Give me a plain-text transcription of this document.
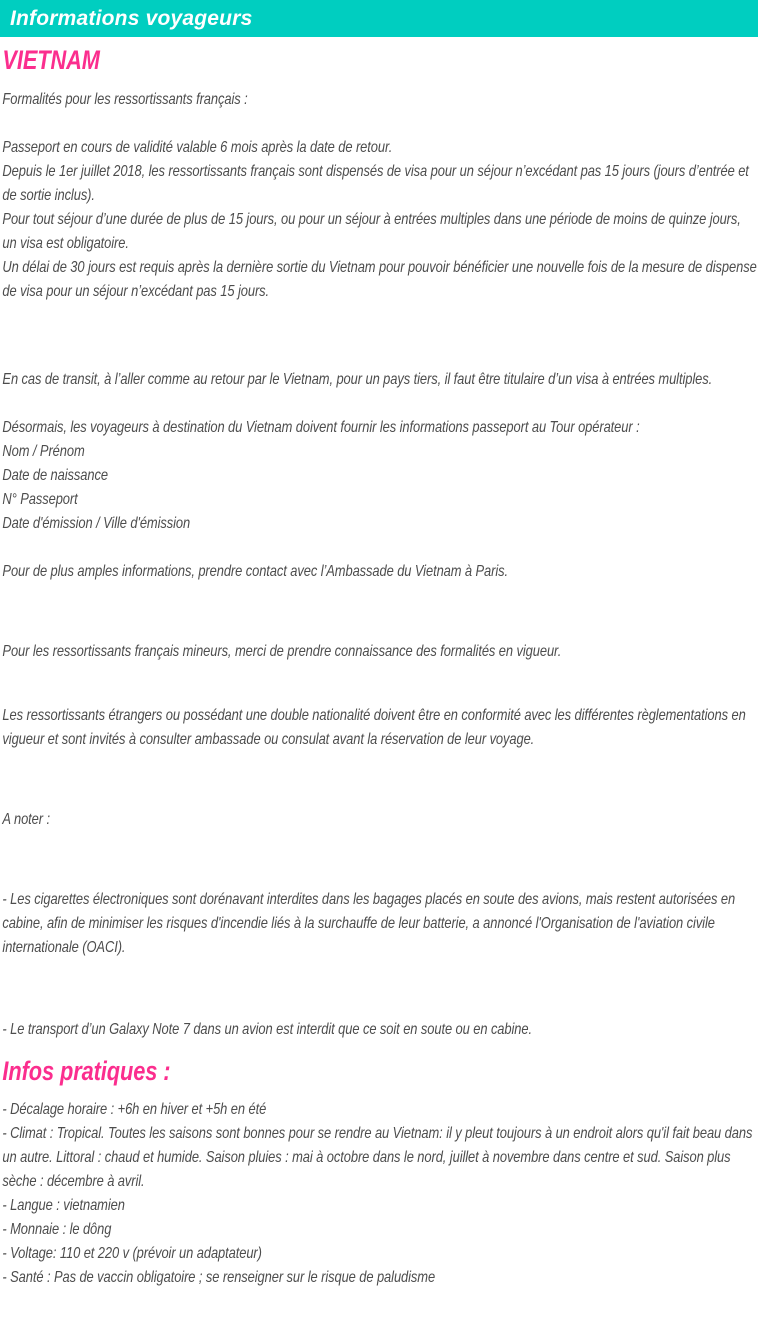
Informations voyageurs
VIETNAM

Formalités pour les ressortissants français :

Passeport en cours de validité valable 6 mois après la date de retour.
Depuis le 1er juillet 2018, les ressortissants français sont dispensés de visa pour un séjour n’excédant pas 15 jours (jours d’entrée et de sortie inclus).
Pour tout séjour d’une durée de plus de 15 jours, ou pour un séjour à entrées multiples dans une période de moins de quinze jours, un visa est obligatoire.
Un délai de 30 jours est requis après la dernière sortie du Vietnam pour pouvoir bénéficier une nouvelle fois de la mesure de dispense de visa pour un séjour n’excédant pas 15 jours.

En cas de transit, à l’aller comme au retour par le Vietnam, pour un pays tiers, il faut être titulaire d’un visa à entrées multiples.

Désormais, les voyageurs à destination du Vietnam doivent fournir les informations passeport au Tour opérateur :
Nom / Prénom
Date de naissance
N° Passeport
Date d'émission / Ville d'émission

Pour de plus amples informations, prendre contact avec l’Ambassade du Vietnam à Paris.

Pour les ressortissants français mineurs, merci de prendre connaissance des formalités en vigueur.

Les ressortissants étrangers ou possédant une double nationalité doivent être en conformité avec les différentes règlementations en vigueur et sont invités à consulter ambassade ou consulat avant la réservation de leur voyage.

A noter :

- Les cigarettes électroniques sont dorénavant interdites dans les bagages placés en soute des avions, mais restent autorisées en cabine, afin de minimiser les risques d'incendie liés à la surchauffe de leur batterie, a annoncé l'Organisation de l'aviation civile internationale (OACI).

- Le transport d’un Galaxy Note 7 dans un avion est interdit que ce soit en soute ou en cabine.

Infos pratiques :
- Décalage horaire : +6h en hiver et +5h en été
- Climat : Tropical. Toutes les saisons sont bonnes pour se rendre au Vietnam: il y pleut toujours à un endroit alors qu'il fait beau dans un autre. Littoral : chaud et humide. Saison pluies : mai à octobre dans le nord, juillet à novembre dans centre et sud. Saison plus sèche : décembre à avril.
- Langue : vietnamien
- Monnaie : le dông
- Voltage: 110 et 220 v (prévoir un adaptateur)
- Santé : Pas de vaccin obligatoire ; se renseigner sur le risque de paludisme
